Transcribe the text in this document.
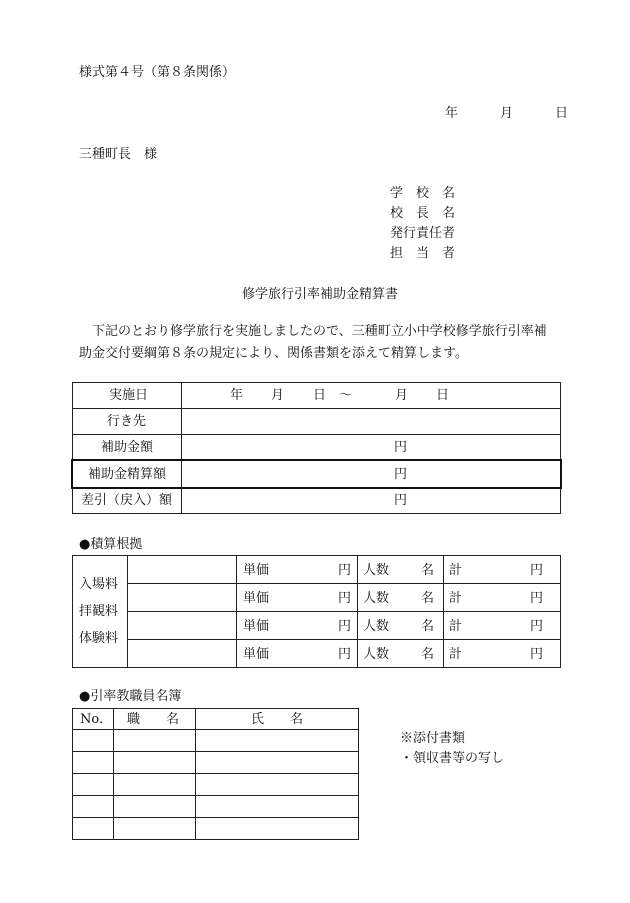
様式第４号（第８条関係）
年	月	日
三種町長　様
学　校　名
校　長　名
発行責任者
担　当　者
修学旅行引率補助金精算書
　下記のとおり修学旅行を実施しましたので、三種町立小中学校修学旅行引率補
助金交付要綱第８条の規定により、関係書類を添えて精算します。
実施日	年 月 日 ～	月 日
行き先
補助金額	円
補助金精算額	円
差引（戻入）額	円
●積算根拠
入場料
拝観料
体験料
単価	円 人数 名 計	円
単価	円 人数 名 計	円
単価	円 人数 名 計	円
単価	円 人数 名 計	円
●引率教職員名簿
No. 職　　名	氏　　名
※添付書類
・領収書等の写し
